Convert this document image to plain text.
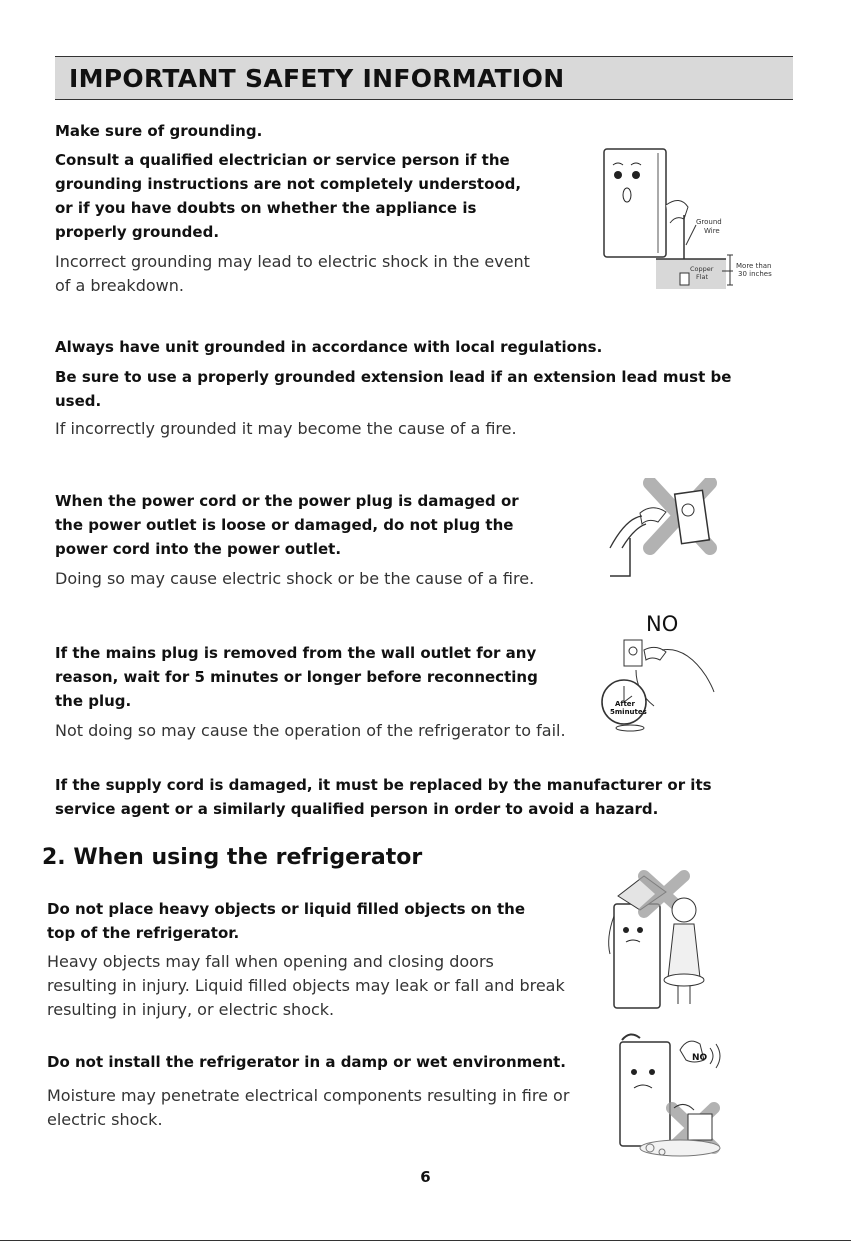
IMPORTANT SAFETY INFORMATION

Make sure of grounding.

Consult a qualified electrician or service person if the

grounding instructions are not completely understood,

or if you have doubts on whether the appliance is

properly grounded.

Incorrect grounding may lead to electric shock in the event

of a breakdown.

Ground
Wire
Copper
Flat
More than
30 inches

Always have unit grounded in accordance with local regulations.

Be sure to use a properly grounded extension lead if an extension lead must be

used.

If incorrectly grounded it may become the cause of a fire.

When the power cord or the power plug is damaged or

the power outlet is loose or damaged, do not plug the

power cord into the power outlet.

Doing so may cause electric shock or be the cause of a fire.

NO

If the mains plug is removed from the wall outlet for any

reason, wait for 5 minutes or longer before reconnecting

the plug.

Not doing so may cause the operation of the refrigerator to fail.

After
5minutes

If the supply cord is damaged, it must be replaced by the manufacturer or its

service agent or a similarly qualified person in order to avoid a hazard.

2. When using the refrigerator

Do not place heavy objects or liquid filled objects on the

top of the refrigerator.

Heavy objects may fall when opening and closing doors

resulting in injury. Liquid filled objects may leak or fall and break

resulting in injury, or electric shock.

Do not install the refrigerator in a damp or wet environment.

Moisture may penetrate electrical components resulting in fire or

electric shock.

NO
6
